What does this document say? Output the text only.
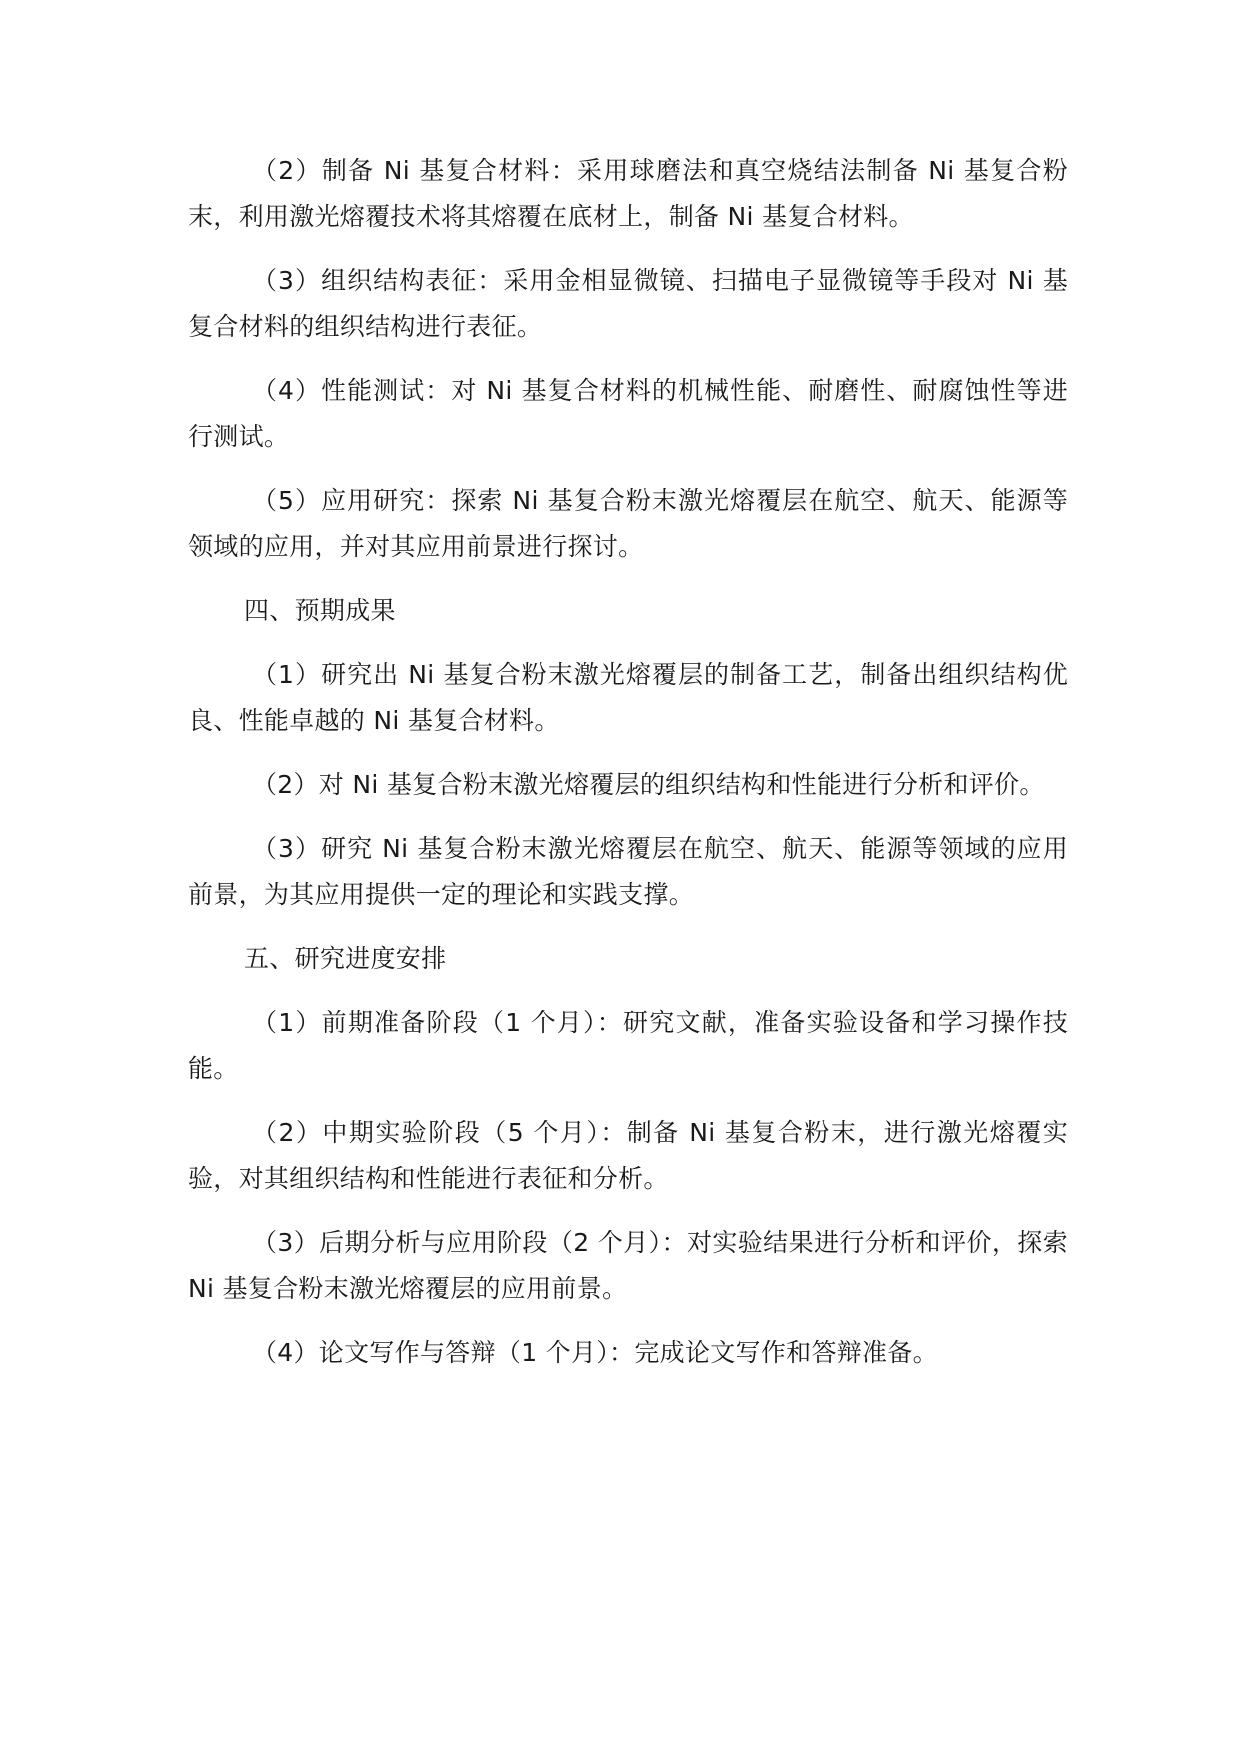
（2）制备 Ni 基复合材料：采用球磨法和真空烧结法制备 Ni 基复合粉末，利用激光熔覆技术将其熔覆在底材上，制备 Ni 基复合材料。

（3）组织结构表征：采用金相显微镜、扫描电子显微镜等手段对 Ni 基复合材料的组织结构进行表征。

（4）性能测试：对 Ni 基复合材料的机械性能、耐磨性、耐腐蚀性等进行测试。

（5）应用研究：探索 Ni 基复合粉末激光熔覆层在航空、航天、能源等领域的应用，并对其应用前景进行探讨。

四、预期成果

（1）研究出 Ni 基复合粉末激光熔覆层的制备工艺，制备出组织结构优良、性能卓越的 Ni 基复合材料。

（2）对 Ni 基复合粉末激光熔覆层的组织结构和性能进行分析和评价。

（3）研究 Ni 基复合粉末激光熔覆层在航空、航天、能源等领域的应用前景，为其应用提供一定的理论和实践支撑。

五、研究进度安排

（1）前期准备阶段（1 个月）：研究文献，准备实验设备和学习操作技能。

（2）中期实验阶段（5 个月）：制备 Ni 基复合粉末，进行激光熔覆实验，对其组织结构和性能进行表征和分析。

（3）后期分析与应用阶段（2 个月）：对实验结果进行分析和评价，探索 Ni 基复合粉末激光熔覆层的应用前景。

（4）论文写作与答辩（1 个月）：完成论文写作和答辩准备。
